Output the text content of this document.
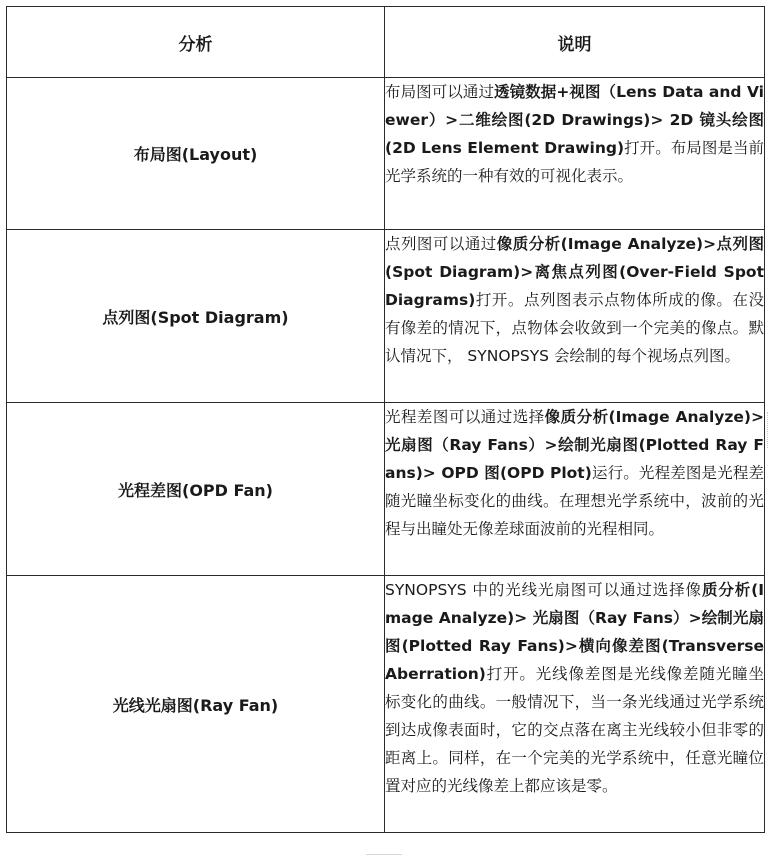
分析	说明
布局图(Layout)	布局图可以通过透镜数据+视图（Lens Data and Viewer）>二维绘图(2D Drawings)> 2D 镜头绘图(2D Lens Element Drawing)打开。布局图是当前光学系统的一种有效的可视化表示。
点列图(Spot Diagram)	点列图可以通过像质分析(Image Analyze)>点列图(Spot Diagram)>离焦点列图(Over-Field Spot Diagrams)打开。点列图表示点物体所成的像。在没有像差的情况下，点物体会收敛到一个完美的像点。默认情况下， SYNOPSYS 会绘制的每个视场点列图。
光程差图(OPD Fan)	光程差图可以通过选择像质分析(Image Analyze)> 光扇图（Ray Fans）>绘制光扇图(Plotted Ray Fans)> OPD 图(OPD Plot)运行。光程差图是光程差随光瞳坐标变化的曲线。在理想光学系统中，波前的光程与出瞳处无像差球面波前的光程相同。
光线光扇图(Ray Fan)	SYNOPSYS 中的光线光扇图可以通过选择像质分析(Image Analyze)> 光扇图（Ray Fans）>绘制光扇图(Plotted Ray Fans)>横向像差图(Transverse Aberration)打开。光线像差图是光线像差随光瞳坐标变化的曲线。一般情况下，当一条光线通过光学系统到达成像表面时，它的交点落在离主光线较小但非零的距离上。同样，在一个完美的光学系统中，任意光瞳位置对应的光线像差上都应该是零。
